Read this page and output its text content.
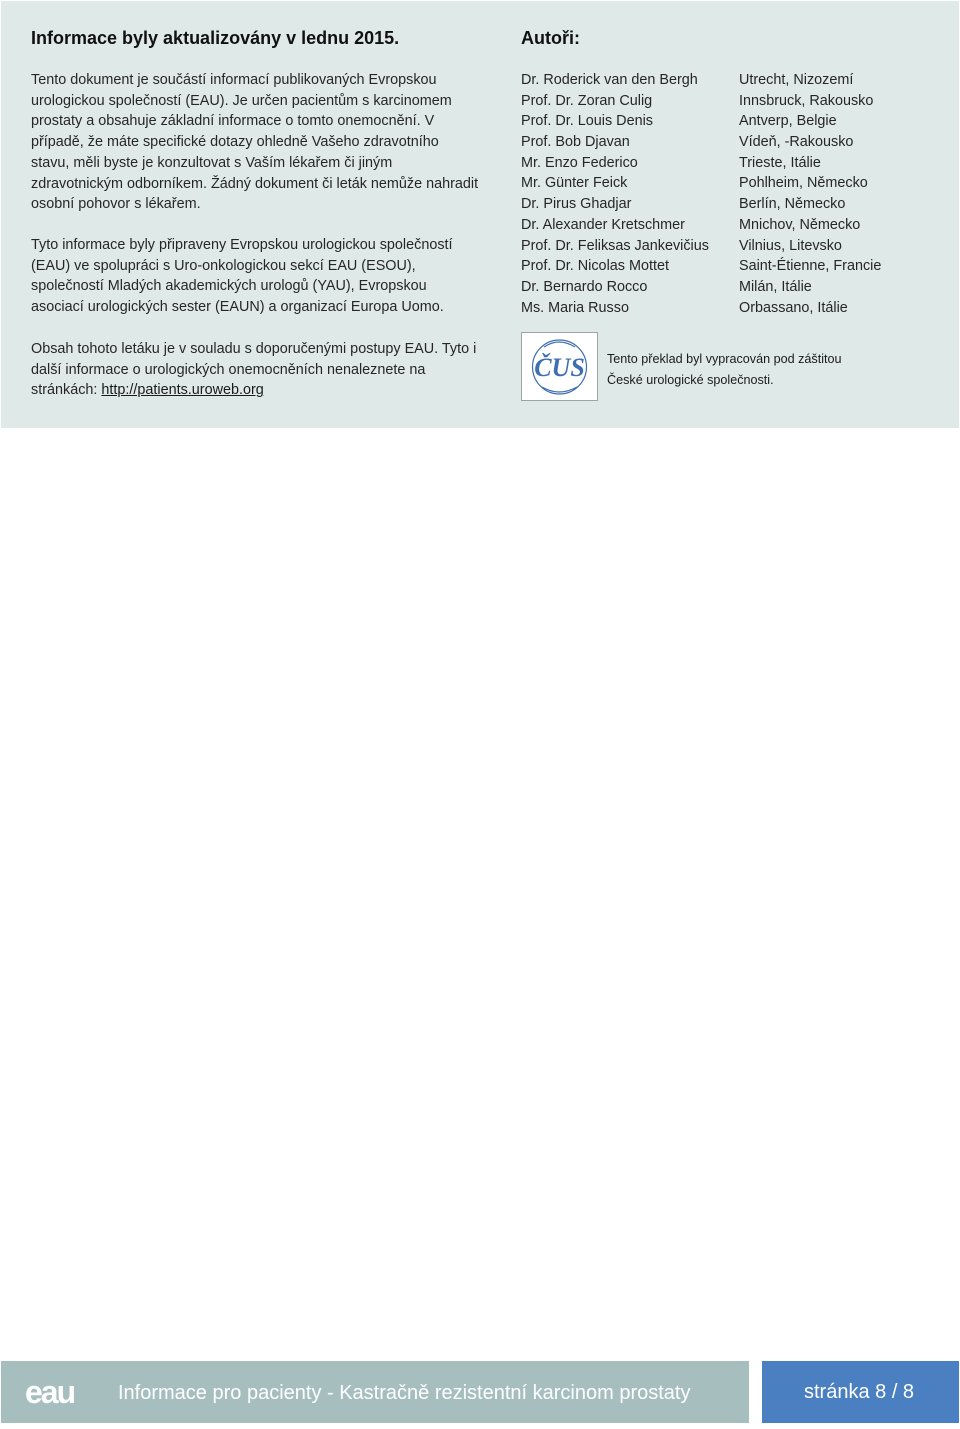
Informace byly aktualizovány v lednu 2015.

Tento dokument je součástí informací publikovaných Evropskou urologickou společností (EAU). Je určen pacientům s karcinomem prostaty a obsahuje základní informace o tomto onemocnění. V případě, že máte specifické dotazy ohledně Vašeho zdravotního stavu, měli byste je konzultovat s Vaším lékařem či jiným zdravotnickým odborníkem. Žádný dokument či leták nemůže nahradit osobní pohovor s lékařem.

Tyto informace byly připraveny Evropskou urologickou společností (EAU) ve spolupráci s Uro-onkologickou sekcí EAU (ESOU), společností Mladých akademických urologů (YAU), Evropskou asociací urologických sester (EAUN) a organizací Europa Uomo.

Obsah tohoto letáku je v souladu s doporučenými postupy EAU. Tyto i další informace o urologických onemocněních nenaleznete na stránkách: http://patients.uroweb.org

Autoři:
Dr. Roderick van den Bergh	Utrecht, Nizozemí
Prof. Dr. Zoran Culig	Innsbruck, Rakousko
Prof. Dr. Louis Denis	Antverp, Belgie
Prof. Bob Djavan	Vídeň, -Rakousko
Mr. Enzo Federico	Trieste, Itálie
Mr. Günter Feick	Pohlheim, Německo
Dr. Pirus Ghadjar	Berlín, Německo
Dr. Alexander Kretschmer	Mnichov, Německo
Prof. Dr. Feliksas Jankevičius	Vilnius, Litevsko
Prof. Dr. Nicolas Mottet	Saint-Étienne, Francie
Dr. Bernardo Rocco	Milán, Itálie
Ms. Maria Russo	Orbassano, Itálie
ČUS Tento překlad byl vypracován pod záštitou
České urologické společnosti.
eau Informace pro pacienty - Kastračně rezistentní karcinom prostaty	stránka 8 / 8
